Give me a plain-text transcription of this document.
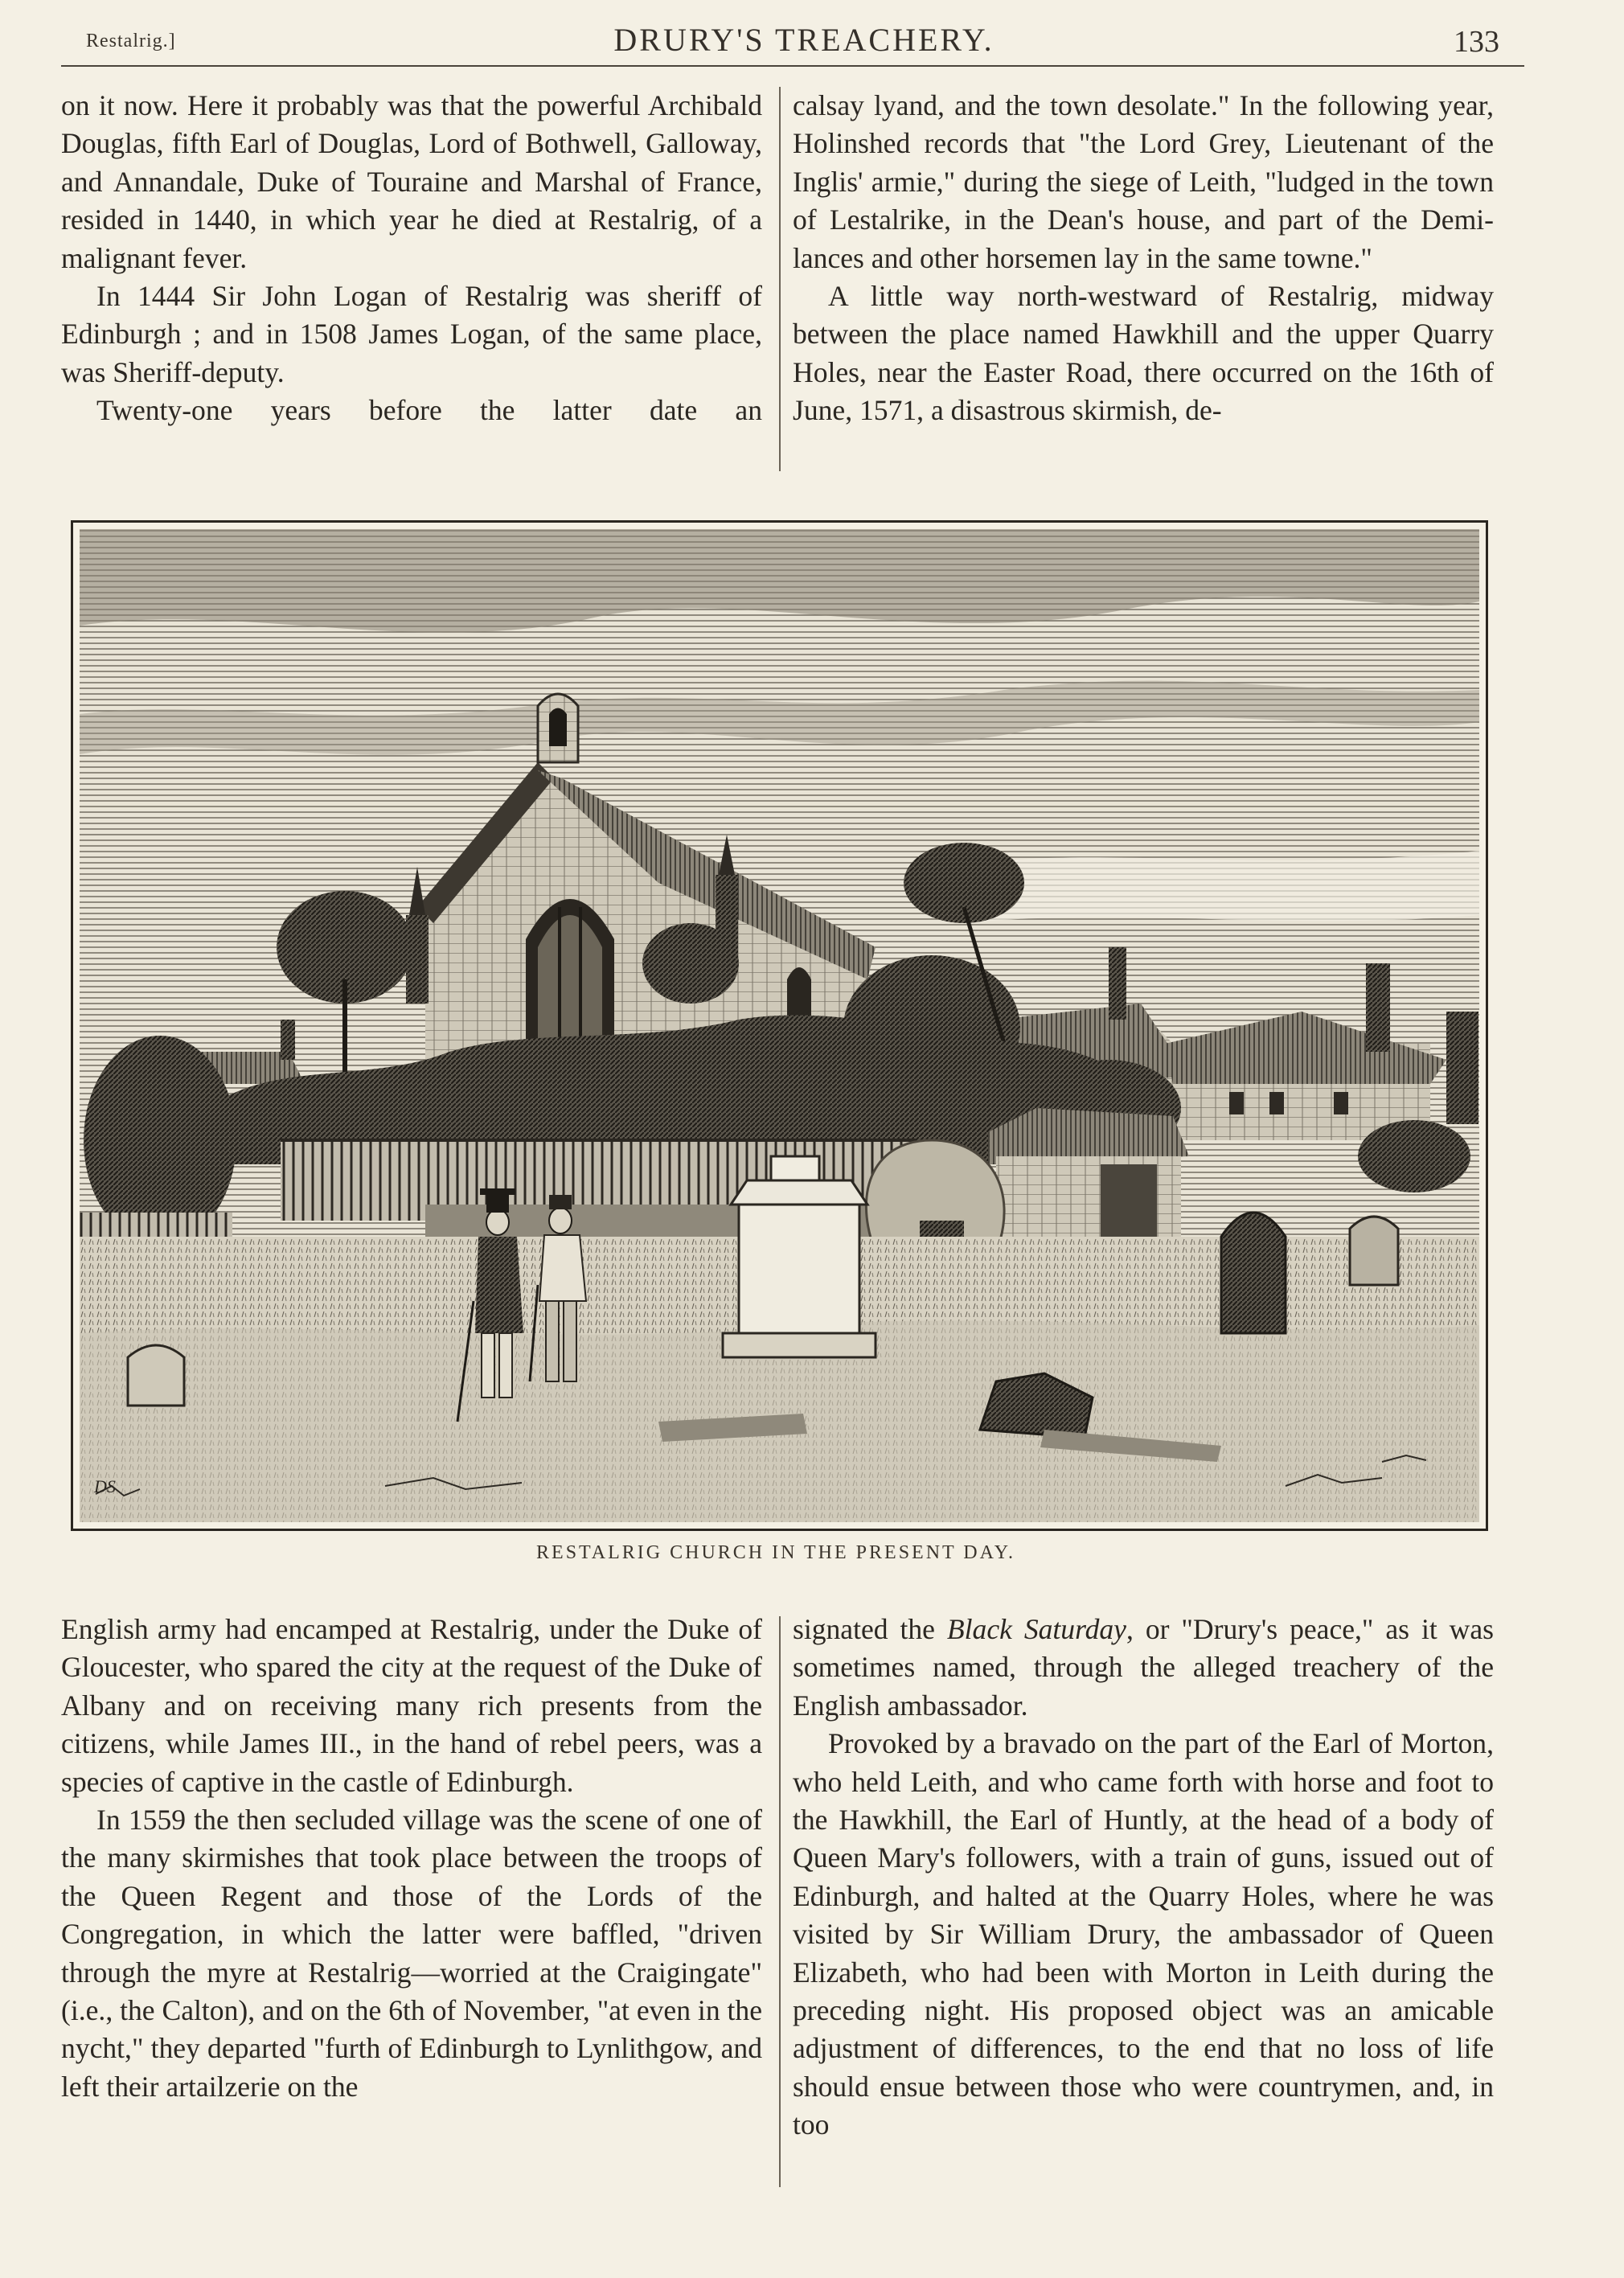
Restalrig.]	DRURY'S TREACHERY.	133

on it now. Here it probably was that the powerful Archibald Douglas, fifth Earl of Douglas, Lord of Bothwell, Galloway, and Annandale, Duke of Touraine and Marshal of France, resided in 1440, in which year he died at Restalrig, of a malignant fever.

In 1444 Sir John Logan of Restalrig was sheriff of Edinburgh ; and in 1508 James Logan, of the same place, was Sheriff-deputy.

Twenty-one years before the latter date an

calsay lyand, and the town desolate." In the following year, Holinshed records that "the Lord Grey, Lieutenant of the Inglis' armie," during the siege of Leith, "ludged in the town of Lestalrike, in the Dean's house, and part of the Demi-lances and other horsemen lay in the same towne."

A little way north-westward of Restalrig, midway between the place named Hawkhill and the upper Quarry Holes, near the Easter Road, there occurred on the 16th of June, 1571, a disastrous skirmish, de-

DS
RESTALRIG CHURCH IN THE PRESENT DAY.

English army had encamped at Restalrig, under the Duke of Gloucester, who spared the city at the request of the Duke of Albany and on receiving many rich presents from the citizens, while James III., in the hand of rebel peers, was a species of captive in the castle of Edinburgh.

In 1559 the then secluded village was the scene of one of the many skirmishes that took place between the troops of the Queen Regent and those of the Lords of the Congregation, in which the latter were baffled, "driven through the myre at Restalrig—worried at the Craigingate" (i.e., the Calton), and on the 6th of November, "at even in the nycht," they departed "furth of Edinburgh to Lynlithgow, and left their artailzerie on the

signated the Black Saturday, or "Drury's peace," as it was sometimes named, through the alleged treachery of the English ambassador.

Provoked by a bravado on the part of the Earl of Morton, who held Leith, and who came forth with horse and foot to the Hawkhill, the Earl of Huntly, at the head of a body of Queen Mary's followers, with a train of guns, issued out of Edinburgh, and halted at the Quarry Holes, where he was visited by Sir William Drury, the ambassador of Queen Elizabeth, who had been with Morton in Leith during the preceding night. His proposed object was an amicable adjustment of differences, to the end that no loss of life should ensue between those who were countrymen, and, in too
